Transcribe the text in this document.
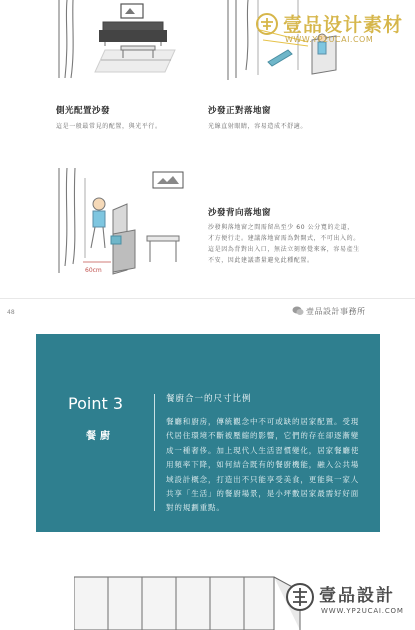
壹品设计素材
WWW.YP2UCAI.COM
側光配置沙發
這是一般最常見的配置，與光平行。
沙發正對落地窗
光線直射眼睛，容易造成不舒適。
60cm
沙發背向落地窗
沙發與落地窗之間需留出至少 60 公分寬的走道，才方便行走。建議落地窗需為對開式，不可出入的。這是因為背對出入口，無法立刻察覺來客，容易產生不安，因此建議盡量避免此種配置。
48	壹品設計事務所
Point 3
餐廚
餐廚合一的尺寸比例
餐廳和廚房，傳統觀念中不可或缺的居家配置。受現代居住環境不斷被壓縮的影響，它們的存在卻逐漸變成一種奢侈。加上現代人生活習慣變化，居家餐廳使用頻率下降，如何結合既有的餐廚機能，融入公共場域設計概念，打造出不只能享受美食，更能與一家人共享「生活」的餐廚場景，是小坪數居家最需好好面對的規劃重點。
壹品設計
WWW.YP2UCAI.COM
